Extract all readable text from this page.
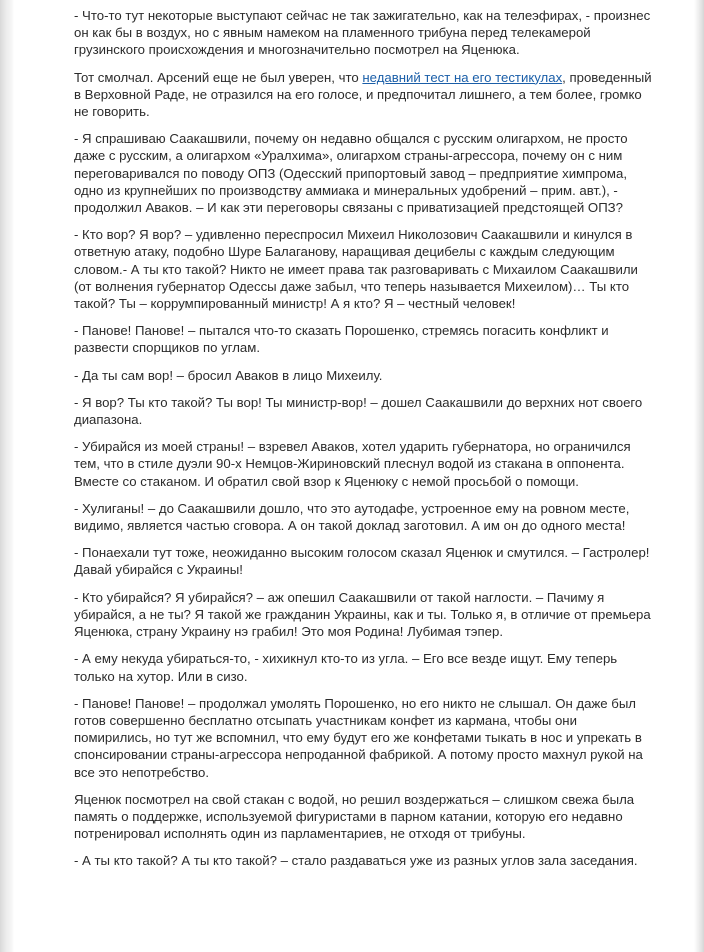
- Что-то тут некоторые выступают сейчас не так зажигательно, как на телеэфирах, - произнес он как бы в воздух, но с явным намеком на пламенного трибуна перед телекамерой грузинского происхождения и многозначительно посмотрел на Яценюка.

Тот смолчал. Арсений еще не был уверен, что недавний тест на его тестикулах, проведенный в Верховной Раде, не отразился на его голосе, и предпочитал лишнего, а тем более, громко не говорить.

- Я спрашиваю Саакашвили, почему он недавно общался с русским олигархом, не просто даже с русским, а олигархом «Уралхима», олигархом страны-агрессора, почему он с ним переговаривался по поводу ОПЗ (Одесский припортовый завод – предприятие химпрома, одно из крупнейших по производству аммиака и минеральных удобрений – прим. авт.), - продолжил Аваков. – И как эти переговоры связаны с приватизацией предстоящей ОПЗ?

- Кто вор? Я вор? – удивленно переспросил Михеил Николозович Саакашвили и кинулся в ответную атаку, подобно Шуре Балаганову, наращивая децибелы с каждым следующим словом.- А ты кто такой? Никто не имеет права так разговаривать с Михаилом Саакашвили (от волнения губернатор Одессы даже забыл, что теперь называется Михеилом)… Ты кто такой? Ты – коррумпированный министр! А я кто? Я – честный человек!

- Панове! Панове! – пытался что-то сказать Порошенко, стремясь погасить конфликт и развести спорщиков по углам.

- Да ты сам вор! – бросил Аваков в лицо Михеилу.

- Я вор? Ты кто такой? Ты вор! Ты министр-вор! – дошел Саакашвили до верхних нот своего диапазона.

- Убирайся из моей страны! – взревел Аваков, хотел ударить губернатора, но ограничился тем, что в стиле дуэли 90-х Немцов-Жириновский плеснул водой из стакана в оппонента. Вместе со стаканом. И обратил свой взор к Яценюку с немой просьбой о помощи.

- Хулиганы! – до Саакашвили дошло, что это аутодафе, устроенное ему на ровном месте, видимо, является частью сговора. А он такой доклад заготовил. А им он до одного места!

- Понаехали тут тоже, неожиданно высоким голосом сказал Яценюк и смутился. – Гастролер! Давай убирайся с Украины!

- Кто убирайся? Я убирайся? – аж опешил Саакашвили от такой наглости. – Пачиму я убирайся, а не ты? Я такой же гражданин Украины, как и ты. Только я, в отличие от премьера Яценюка, страну Украину нэ грабил! Это моя Родина! Лубимая тэпер.

- А ему некуда убираться-то, - хихикнул кто-то из угла. – Его все везде ищут. Ему теперь только на хутор. Или в сизо.

- Панове! Панове! – продолжал умолять Порошенко, но его никто не слышал. Он даже был готов совершенно бесплатно отсыпать участникам конфет из кармана, чтобы они помирились, но тут же вспомнил, что ему будут его же конфетами тыкать в нос и упрекать в спонсировании страны-агрессора непроданной фабрикой. А потому просто махнул рукой на все это непотребство.

Яценюк посмотрел на свой стакан с водой, но решил воздержаться – слишком свежа была память о поддержке, используемой фигуристами в парном катании, которую его недавно потренировал исполнять один из парламентариев, не отходя от трибуны.

- А ты кто такой? А ты кто такой? – стало раздаваться уже из разных углов зала заседания.
